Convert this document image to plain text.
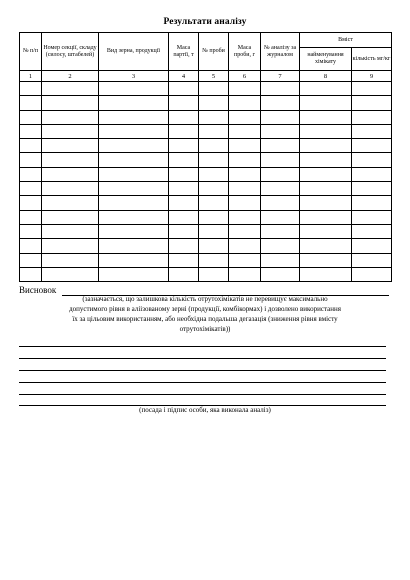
Результати аналізу
№ п/п	Номер секції, складу (силосу, штабелей)	Вид зерна, продукції	Маса партії, т	№ проби	Маса проби, г	№ аналізу за журналом	Вміст	
							найменування хімікату	кількість мг/кг
1	2	3	4	5	6	7	8	9

Висновок
(зазначається, що залишкова кількість отрутохімікатів не перевищує максимально
допустимого рівня в аліізованому зерні (продукції, комбікормах) і дозволено використання
їх за цільовим використанням, або необхідна подальша дегазація (зниження рівня вмісту
отрутохімікатів))
(посада і підпис особи, яка виконала аналіз)
